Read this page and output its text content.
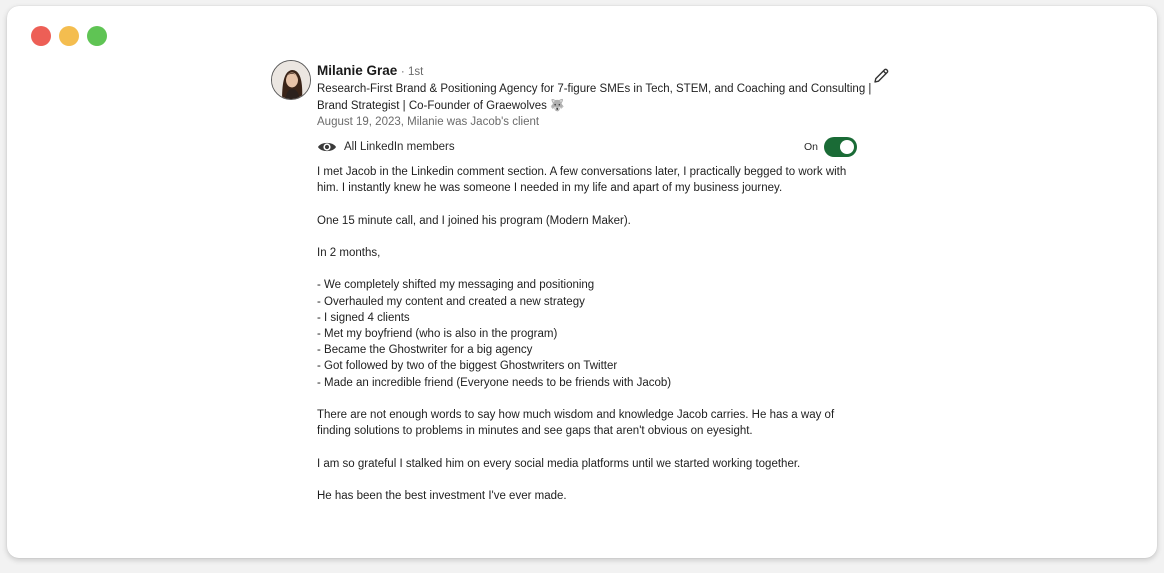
Milanie Grae · 1st
Research-First Brand & Positioning Agency for 7-figure SMEs in Tech, STEM, and Coaching and Consulting | Brand Strategist | Co-Founder of Graewolves 🐺
August 19, 2023, Milanie was Jacob's client
All LinkedIn members	On

I met Jacob in the Linkedin comment section. A few conversations later, I practically begged to work with him. I instantly knew he was someone I needed in my life and apart of my business journey.

One 15 minute call, and I joined his program (Modern Maker).

In 2 months,

- We completely shifted my messaging and positioning
- Overhauled my content and created a new strategy
- I signed 4 clients
- Met my boyfriend (who is also in the program)
- Became the Ghostwriter for a big agency
- Got followed by two of the biggest Ghostwriters on Twitter
- Made an incredible friend (Everyone needs to be friends with Jacob)

There are not enough words to say how much wisdom and knowledge Jacob carries. He has a way of finding solutions to problems in minutes and see gaps that aren't obvious on eyesight.

I am so grateful I stalked him on every social media platforms until we started working together.

He has been the best investment I've ever made.
